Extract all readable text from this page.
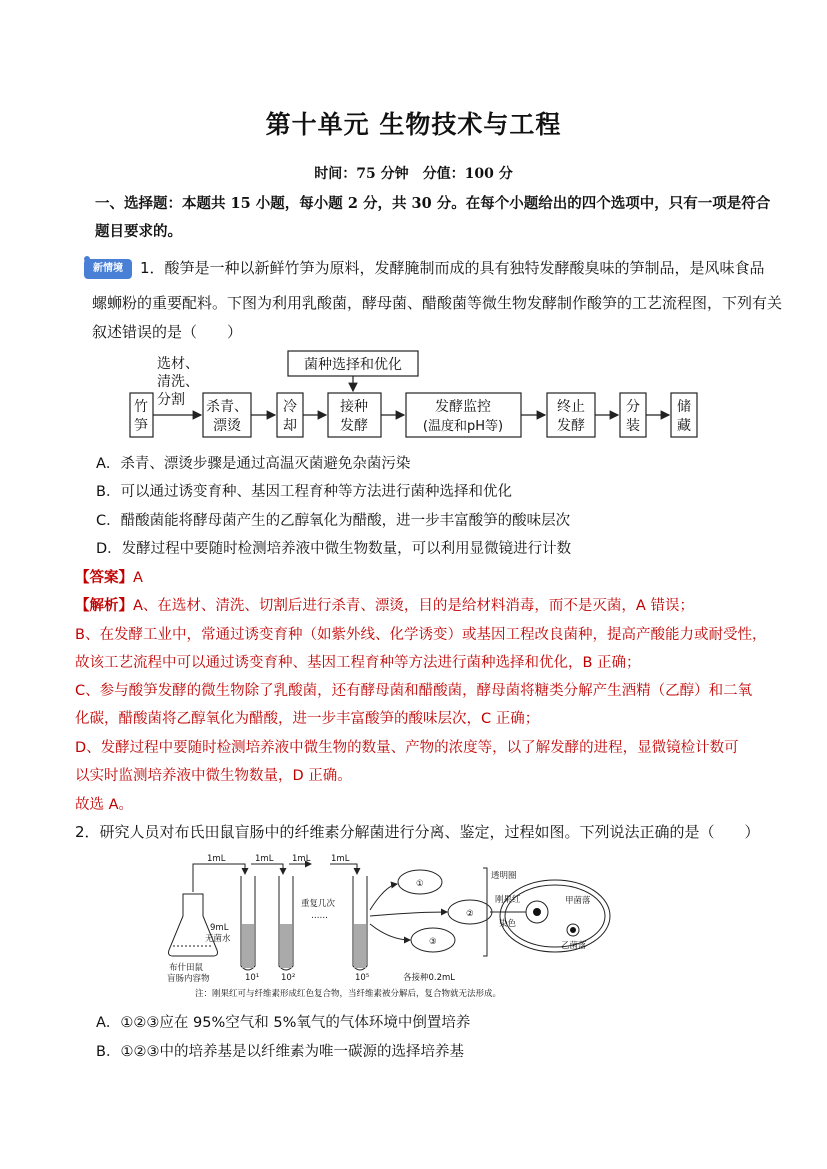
第十单元 生物技术与工程
时间：75 分钟　分值：100 分
一、选择题：本题共 15 小题，每小题 2 分，共 30 分。在每个小题给出的四个选项中，只有一项是符合
题目要求的。
新情境	1．酸笋是一种以新鲜竹笋为原料，发酵腌制而成的具有独特发酵酸臭味的笋制品，是风味食品
螺蛳粉的重要配料。下图为利用乳酸菌，酵母菌、醋酸菌等微生物发酵制作酸笋的工艺流程图，下列有关
叙述错误的是（　　）
菌种选择和优化
选材、
清洗、
分割
竹
笋
杀青、
漂烫
冷
却
接种
发酵
发酵监控
(温度和pH等)
终止
发酵
分
装
储
藏
A．杀青、漂烫步骤是通过高温灭菌避免杂菌污染
B．可以通过诱变育种、基因工程育种等方法进行菌种选择和优化
C．醋酸菌能将酵母菌产生的乙醇氧化为醋酸，进一步丰富酸笋的酸味层次
D．发酵过程中要随时检测培养液中微生物数量，可以利用显微镜进行计数
【答案】A
【解析】A、在选材、清洗、切割后进行杀青、漂烫，目的是给材料消毒，而不是灭菌，A 错误；
B、在发酵工业中，常通过诱变育种（如紫外线、化学诱变）或基因工程改良菌种，提高产酸能力或耐受性，
故该工艺流程中可以通过诱变育种、基因工程育种等方法进行菌种选择和优化，B 正确；
C、参与酸笋发酵的微生物除了乳酸菌，还有酵母菌和醋酸菌，酵母菌将糖类分解产生酒精（乙醇）和二氧
化碳，醋酸菌将乙醇氧化为醋酸，进一步丰富酸笋的酸味层次，C 正确；
D、发酵过程中要随时检测培养液中微生物的数量、产物的浓度等，以了解发酵的进程，显微镜检计数可
以实时监测培养液中微生物数量，D 正确。
故选 A。
2．研究人员对布氏田鼠盲肠中的纤维素分解菌进行分离、鉴定，过程如图。下列说法正确的是（　　）
1mL	1mL 1mL 1mL
9mL
无菌水
重复几次
……
布什田鼠
盲肠内容物	10¹	10²	10⁵
①
②
③
各接种0.2mL
刚果红
染色
透明圈
甲菌落
乙菌落
注：刚果红可与纤维素形成红色复合物，当纤维素被分解后，复合物就无法形成。
A．①②③应在 95%空气和 5%氧气的气体环境中倒置培养
B．①②③中的培养基是以纤维素为唯一碳源的选择培养基
